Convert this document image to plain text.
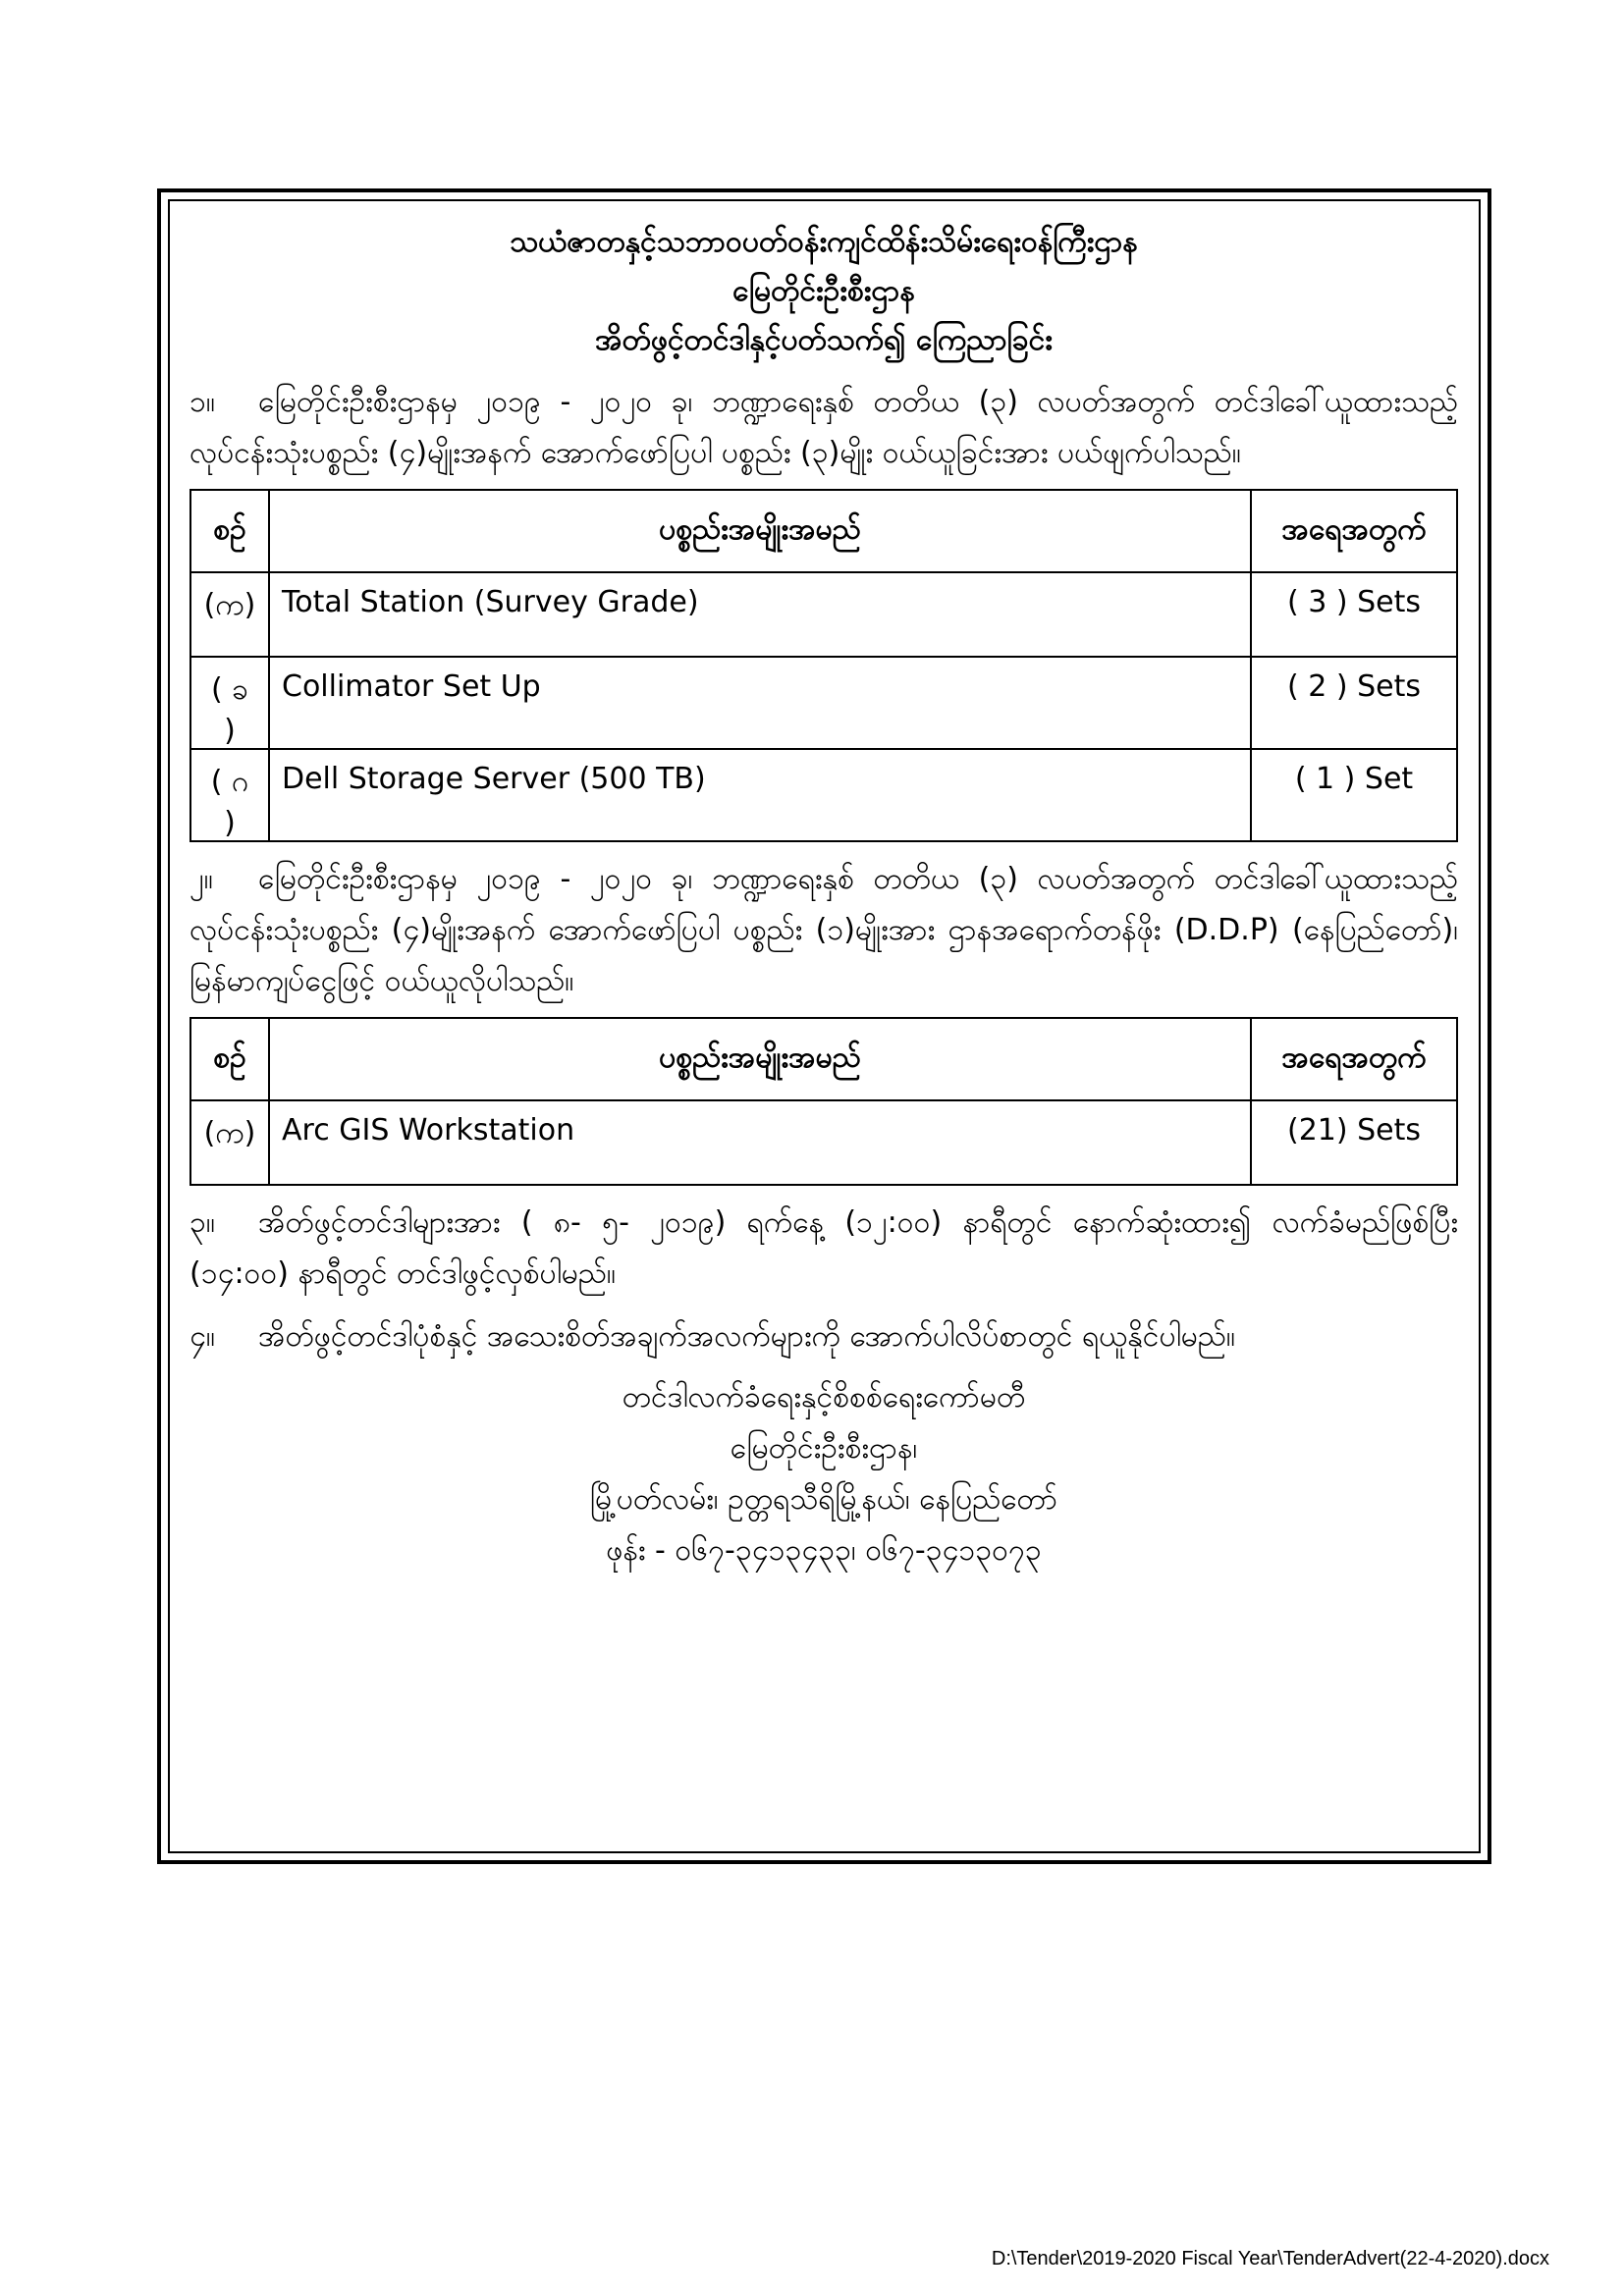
သယံဇာတနှင့်သဘာဝပတ်ဝန်းကျင်ထိန်းသိမ်းရေးဝန်ကြီးဌာန
မြေတိုင်းဦးစီးဌာန
အိတ်ဖွင့်တင်ဒါနှင့်ပတ်သက်၍ ကြေညာခြင်း
၁။ မြေတိုင်းဦးစီးဌာနမှ ၂၀၁၉ - ၂၀၂၀ ခု၊ ဘဏ္ဍာရေးနှစ် တတိယ (၃) လပတ်အတွက် တင်ဒါခေါ်ယူထားသည့် လုပ်ငန်းသုံးပစ္စည်း (၄)မျိုးအနက် အောက်ဖော်ပြပါ ပစ္စည်း (၃)မျိုး ဝယ်ယူခြင်းအား ပယ်ဖျက်ပါသည်။
စဉ်	ပစ္စည်းအမျိုးအမည်	အရေအတွက်
(က)	Total Station (Survey Grade)	( 3 ) Sets
( ခ )	Collimator Set Up	( 2 ) Sets
( ဂ )	Dell Storage Server (500 TB)	( 1 ) Set
၂။ မြေတိုင်းဦးစီးဌာနမှ ၂၀၁၉ - ၂၀၂၀ ခု၊ ဘဏ္ဍာရေးနှစ် တတိယ (၃) လပတ်အတွက် တင်ဒါခေါ်ယူထားသည့် လုပ်ငန်းသုံးပစ္စည်း (၄)မျိုးအနက် အောက်ဖော်ပြပါ ပစ္စည်း (၁)မျိုးအား ဌာနအရောက်တန်ဖိုး (D.D.P) (နေပြည်တော်)၊ မြန်မာကျပ်ငွေဖြင့် ဝယ်ယူလိုပါသည်။
စဉ်	ပစ္စည်းအမျိုးအမည်	အရေအတွက်
(က)	Arc GIS Workstation	(21) Sets
၃။ အိတ်ဖွင့်တင်ဒါများအား ( ၈- ၅- ၂၀၁၉) ရက်နေ့ (၁၂:၀၀) နာရီတွင် နောက်ဆုံးထား၍ လက်ခံမည်ဖြစ်ပြီး (၁၄:၀၀) နာရီတွင် တင်ဒါဖွင့်လှစ်ပါမည်။
၄။ အိတ်ဖွင့်တင်ဒါပုံစံနှင့် အသေးစိတ်အချက်အလက်များကို အောက်ပါလိပ်စာတွင် ရယူနိုင်ပါမည်။
တင်ဒါလက်ခံရေးနှင့်စိစစ်ရေးကော်မတီ
မြေတိုင်းဦးစီးဌာန၊
မြို့ပတ်လမ်း၊ ဥတ္တရသီရိမြို့နယ်၊ နေပြည်တော်
ဖုန်း - ၀၆၇-၃၄၁၃၄၃၃၊ ၀၆၇-၃၄၁၃၀၇၃
D:\Tender\2019-2020 Fiscal Year\TenderAdvert(22-4-2020).docx
